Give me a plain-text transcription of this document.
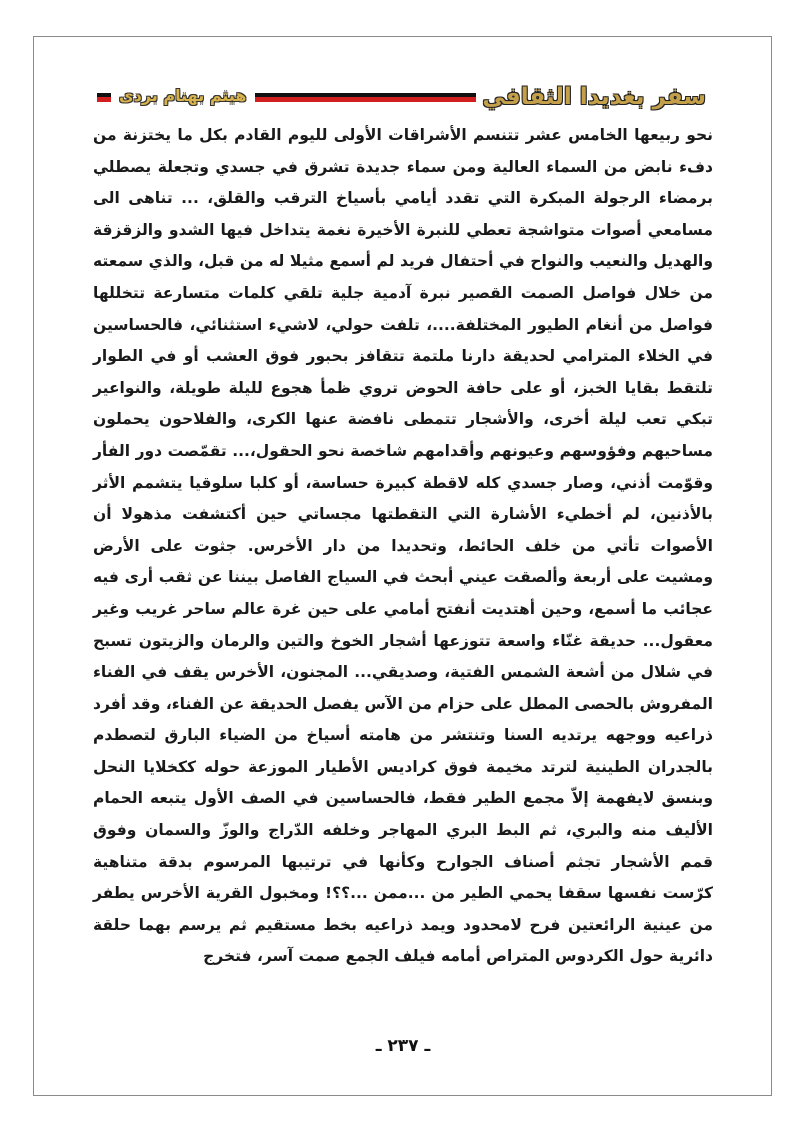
سفر بغديدا الثقافي
هيثم بهنام بردى

نحو ربيعها الخامس عشر تتنسم الأشراقات الأولى لليوم القادم بكل ما يختزنة من دفء نابض من السماء العالية ومن سماء جديدة تشرق في جسدي وتجعلة يصطلي برمضاء الرجولة المبكرة التي تقدد أيامي بأسياخ الترقب والقلق، ... تناهى الى مسامعي أصوات متواشجة تعطي للنبرة الأخيرة نغمة يتداخل فيها الشدو والزقزقة والهديل والنعيب والنواح في أحتفال فريد لم أسمع مثيلا له من قبل، والذي سمعته من خلال فواصل الصمت القصير نبرة آدمية جلية تلقي كلمات متسارعة تتخللها فواصل من أنغام الطيور المختلفة....، تلفت حولي، لاشيء استثنائي، فالحساسين في الخلاء المترامي لحديقة دارنا ملتمة تتقافز بحبور فوق العشب أو في الطوار تلتقط بقايا الخبز، أو على حافة الحوض تروي ظمأ هجوع لليلة طويلة، والنواعير تبكي تعب ليلة أخرى، والأشجار تتمطى نافضة عنها الكرى، والفلاحون يحملون مساحيهم وفؤوسهم وعيونهم وأقدامهم شاخصة نحو الحقول،... تقمّصت دور الفأر وقوّمت أذني، وصار جسدي كله لاقطة كبيرة حساسة، أو كلبا سلوقيا يتشمم الأثر بالأذنين، لم أخطيء الأشارة التي التقطتها مجساتي حين أكتشفت مذهولا أن الأصوات تأتي من خلف الحائط، وتحديدا من دار الأخرس. جثوت على الأرض ومشيت على أربعة وألصقت عيني أبحث في السياج الفاصل بيننا عن ثقب أرى فيه عجائب ما أسمع، وحين أهتديت أنفتح أمامي على حين غرة عالم ساحر غريب وغير معقول... حديقة غنّاء واسعة تتوزعها أشجار الخوخ والتين والرمان والزيتون تسبح في شلال من أشعة الشمس الفتية، وصديقي... المجنون، الأخرس يقف في الفناء المفروش بالحصى المطل على حزام من الآس يفصل الحديقة عن الفناء، وقد أفرد ذراعيه ووجهه يرتديه السنا وتنتشر من هامته أسياخ من الضياء البارق لتصطدم بالجدران الطينية لترتد مخيمة فوق كراديس الأطيار الموزعة حوله ككخلايا النحل وبنسق لايفهمة إلاّ مجمع الطير فقط، فالحساسين في الصف الأول يتبعه الحمام الأليف منه والبري، ثم البط البري المهاجر وخلفه الدّراج والوزّ والسمان وفوق قمم الأشجار تجثم أصناف الجوارح وكأنها في ترتيبها المرسوم بدقة متناهية كرّست نفسها سقفا يحمي الطير من ...ممن ...؟؟! ومخبول القرية الأخرس يطفر من عينية الرائعتين فرح لامحدود ويمد ذراعيه بخط مستقيم ثم يرسم بهما حلقة دائرية حول الكردوس المتراص أمامه فيلف الجمع صمت آسر، فتخرج

ـ ٢٣٧ ـ
